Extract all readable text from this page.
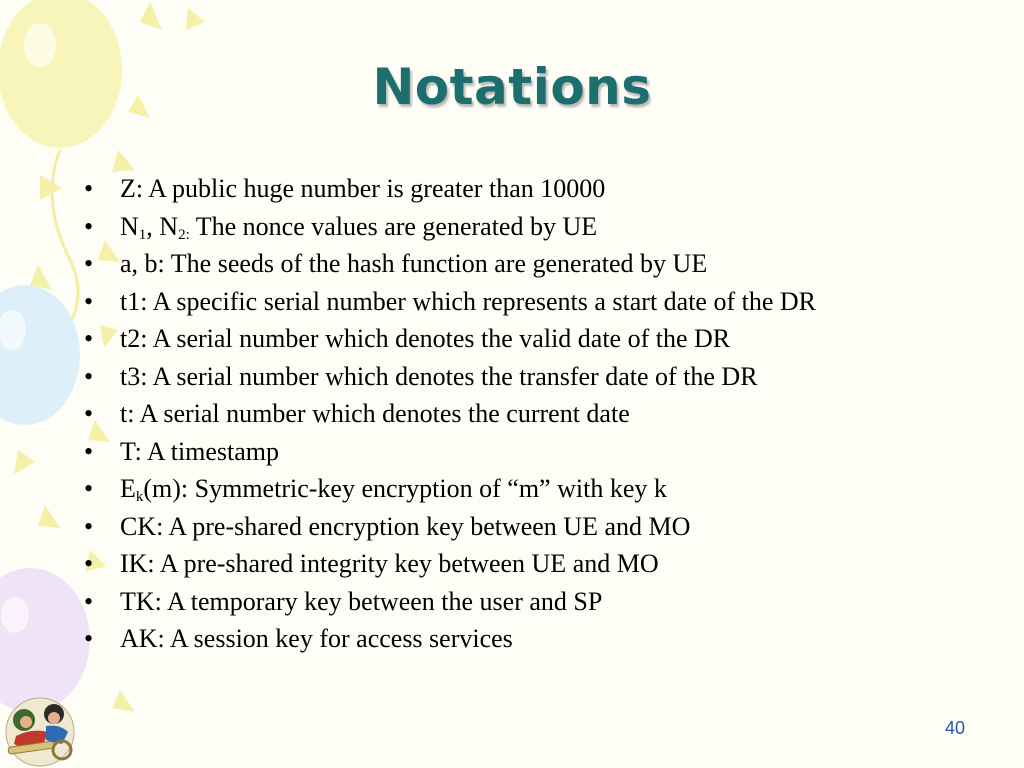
Notations
• Z: A public huge number is greater than 10000
• $N_1$, $N_{2:}$ The nonce values are generated by UE
• a, b: The seeds of the hash function are generated by UE
• t1: A specific serial number which represents a start date of the DR
• t2: A serial number which denotes the valid date of the DR
• t3: A serial number which denotes the transfer date of the DR
• t: A serial number which denotes the current date
• T: A timestamp
• $E_k(m)$: Symmetric-key encryption of “m” with key k
• CK: A pre-shared encryption key between UE and MO
• IK: A pre-shared integrity key between UE and MO
• TK: A temporary key between the user and SP
• AK: A session key for access services
40
